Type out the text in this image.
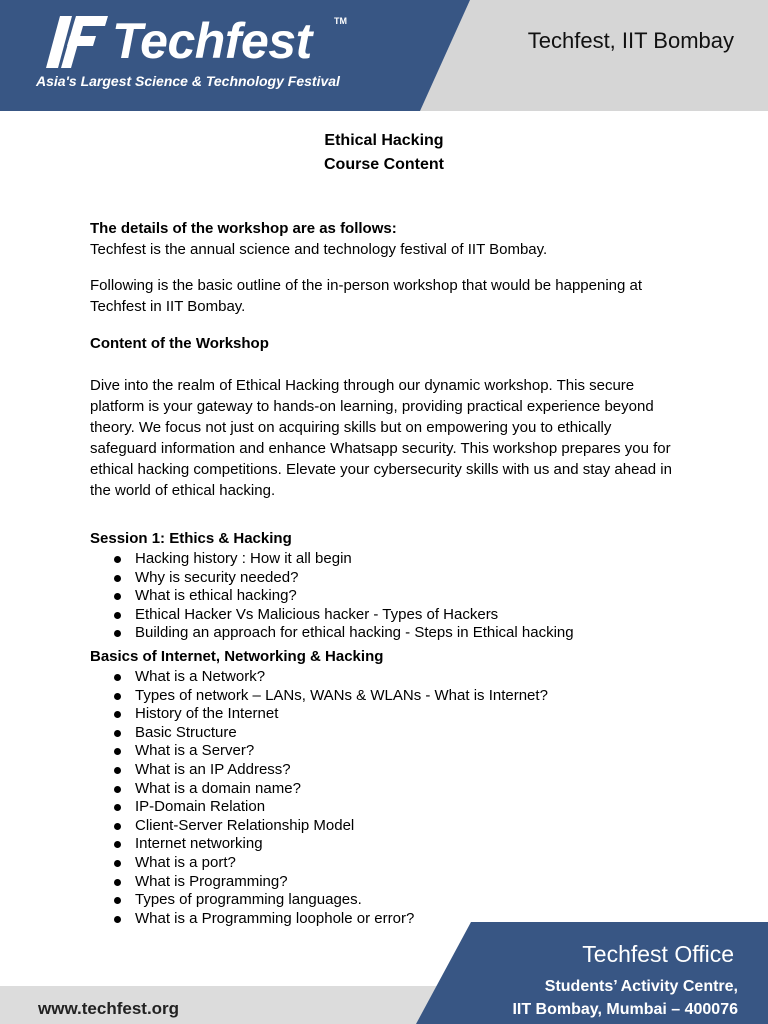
Techfest TM
Asia's Largest Science & Technology Festival
Techfest, IIT Bombay
Ethical Hacking
Course Content

The details of the workshop are as follows:

Techfest is the annual science and technology festival of IIT Bombay.

Following is the basic outline of the in-person workshop that would be happening at Techfest in IIT Bombay.
Content of the Workshop
Dive into the realm of Ethical Hacking through our dynamic workshop. This secure platform is your gateway to hands-on learning, providing practical experience beyond theory. We focus not just on acquiring skills but on empowering you to ethically safeguard information and enhance Whatsapp security. This workshop prepares you for ethical hacking competitions. Elevate your cybersecurity skills with us and stay ahead in the world of ethical hacking.
Session 1: Ethics & Hacking
Hacking history : How it all begin
Why is security needed?
What is ethical hacking?
Ethical Hacker Vs Malicious hacker - Types of Hackers
Building an approach for ethical hacking - Steps in Ethical hacking
Basics of Internet, Networking & Hacking
What is a Network?
Types of network – LANs, WANs & WLANs - What is Internet?
History of the Internet
Basic Structure
What is a Server?
What is an IP Address?
What is a domain name?
IP-Domain Relation
Client-Server Relationship Model
Internet networking
What is a port?
What is Programming?
Types of programming languages.
What is a Programming loophole or error?
www.techfest.org
Techfest Office
Students’ Activity Centre,
IIT Bombay, Mumbai – 400076
